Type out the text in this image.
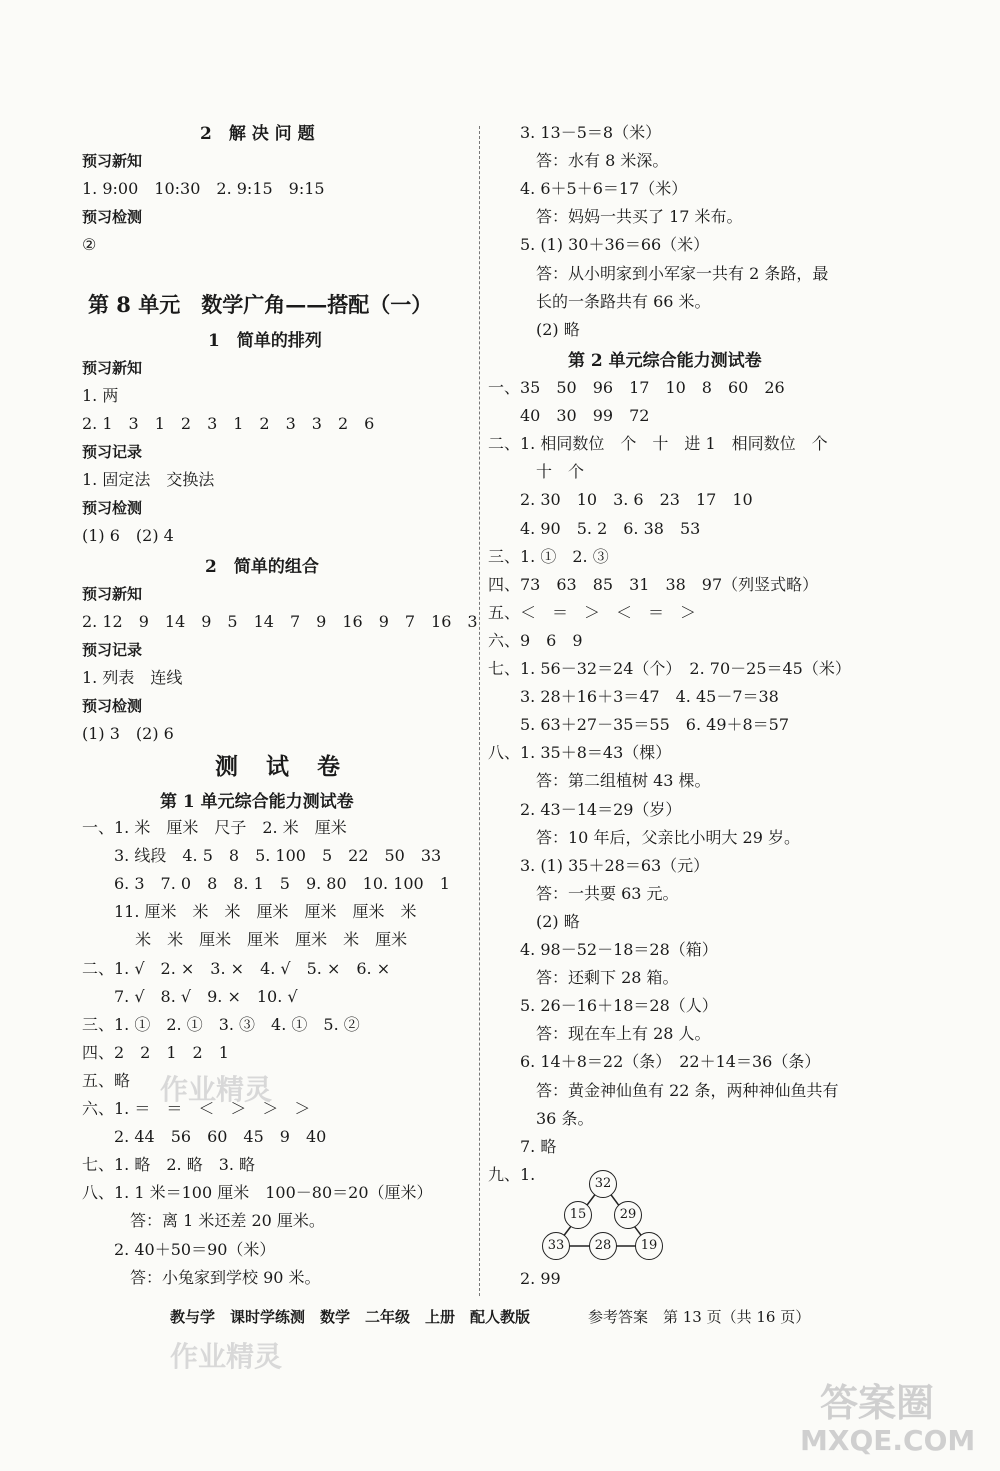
2　解 决 问 题
预习新知
1. 9:00　10:30　2. 9:15　9:15
预习检测
②
第 8 单元　数学广角——搭配（一）
1　简单的排列
预习新知
1. 两
2. 1　3　1　2　3　1　2　3　3　2　6
预习记录
1. 固定法　交换法
预习检测
(1) 6　(2) 4
2　简单的组合
预习新知
2. 12　9　14　9　5　14　7　9　16　9　7　16　3
预习记录
1. 列表　连线
预习检测
(1) 3　(2) 6
测 试 卷
第 1 单元综合能力测试卷
一、1. 米　厘米　尺子　2. 米　厘米
　　3. 线段　4. 5　8　5. 100　5　22　50　33
　　6. 3　7. 0　8　8. 1　5　9. 80　10. 100　1
　　11. 厘米　米　米　厘米　厘米　厘米　米
　　　 米　米　厘米　厘米　厘米　米　厘米
二、1. √　2. ×　3. ×　4. √　5. ×　6. ×
　　7. √　8. √　9. ×　10. √
三、1. ①　2. ①　3. ③　4. ①　5. ②
四、2　2　1　2　1
五、略
六、1. ＝　＝　＜　＞　＞　＞
　　2. 44　56　60　45　9　40
七、1. 略　2. 略　3. 略
八、1. 1 米＝100 厘米　100－80＝20（厘米）
　　　答：离 1 米还差 20 厘米。
　　2. 40＋50＝90（米）
　　　答：小兔家到学校 90 米。
3. 13－5＝8（米）
　答：水有 8 米深。
4. 6＋5＋6＝17（米）
　答：妈妈一共买了 17 米布。
5. (1) 30＋36＝66（米）
　答：从小明家到小军家一共有 2 条路，最
　长的一条路共有 66 米。
　(2) 略
第 2 单元综合能力测试卷
一、35　50　96　17　10　8　60　26
　　40　30　99　72
二、1. 相同数位　个　十　进 1　相同数位　个
　　　十　个
　　2. 30　10　3. 6　23　17　10
　　4. 90　5. 2　6. 38　53
三、1. ①　2. ③
四、73　63　85　31　38　97（列竖式略）
五、＜　＝　＞　＜　＝　＞
六、9　6　9
七、1. 56－32＝24（个）　2. 70－25＝45（米）
　　3. 28＋16＋3＝47　4. 45－7＝38
　　5. 63＋27－35＝55　6. 49＋8＝57
八、1. 35＋8＝43（棵）
　　　答：第二组植树 43 棵。
　　2. 43－14＝29（岁）
　　　答：10 年后，父亲比小明大 29 岁。
　　3. (1) 35＋28＝63（元）
　　　答：一共要 63 元。
　　　(2) 略
　　4. 98－52－18＝28（箱）
　　　答：还剩下 28 箱。
　　5. 26－16＋18＝28（人）
　　　答：现在车上有 28 人。
　　6. 14＋8＝22（条）　22＋14＝36（条）
　　　答：黄金神仙鱼有 22 条，两种神仙鱼共有
　　　36 条。
　　7. 略
九、1.	32
15	29
33	28	19
　　2. 99
教与学　课时学练测　数学　二年级　上册　配人教版	参考答案　第 13 页（共 16 页）
作业精灵
作业精灵
答案圈
MXQE.COM
